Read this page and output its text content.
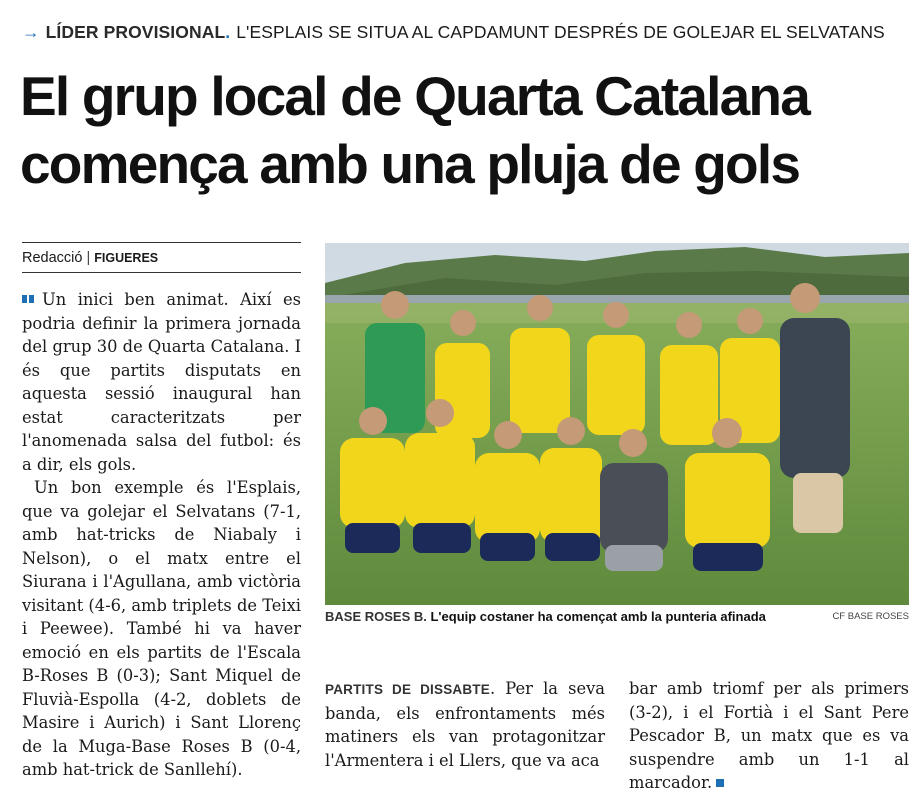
→ LÍDER PROVISIONAL. L'ESPLAIS SE SITUA AL CAPDAMUNT DESPRÉS DE GOLEJAR EL SELVATANS
El grup local de Quarta Catalana
comença amb una pluja de gols
Redacció | FIGUERES

Un inici ben animat. Així es podria definir la primera jornada del grup 30 de Quarta Catalana. I és que partits disputats en aquesta sessió inaugural han estat caracteritzats per l'anomenada salsa del futbol: és a dir, els gols.

Un bon exemple és l'Esplais, que va golejar el Selvatans (7-1, amb hat-tricks de Niabaly i Nelson), o el matx entre el Siurana i l'Agullana, amb victòria visitant (4-6, amb triplets de Teixi i Peewee). També hi va haver emoció en els partits de l'Escala B-Roses B (0-3); Sant Miquel de Fluvià-Espolla (4-2, doblets de Masire i Aurich) i Sant Llorenç de la Muga-Base Roses B (0-4, amb hat-trick de Sanllehí).

BASE ROSES B. L'equip costaner ha començat amb la punteria afinada	CF BASE ROSES

PARTITS DE DISSABTE. Per la seva banda, els enfrontaments més matiners els van protagonitzar l'Armentera i el Llers, que va aca

bar amb triomf per als primers (3-2), i el Fortià i el Sant Pere Pescador B, un matx que es va suspendre amb un 1-1 al marcador.
